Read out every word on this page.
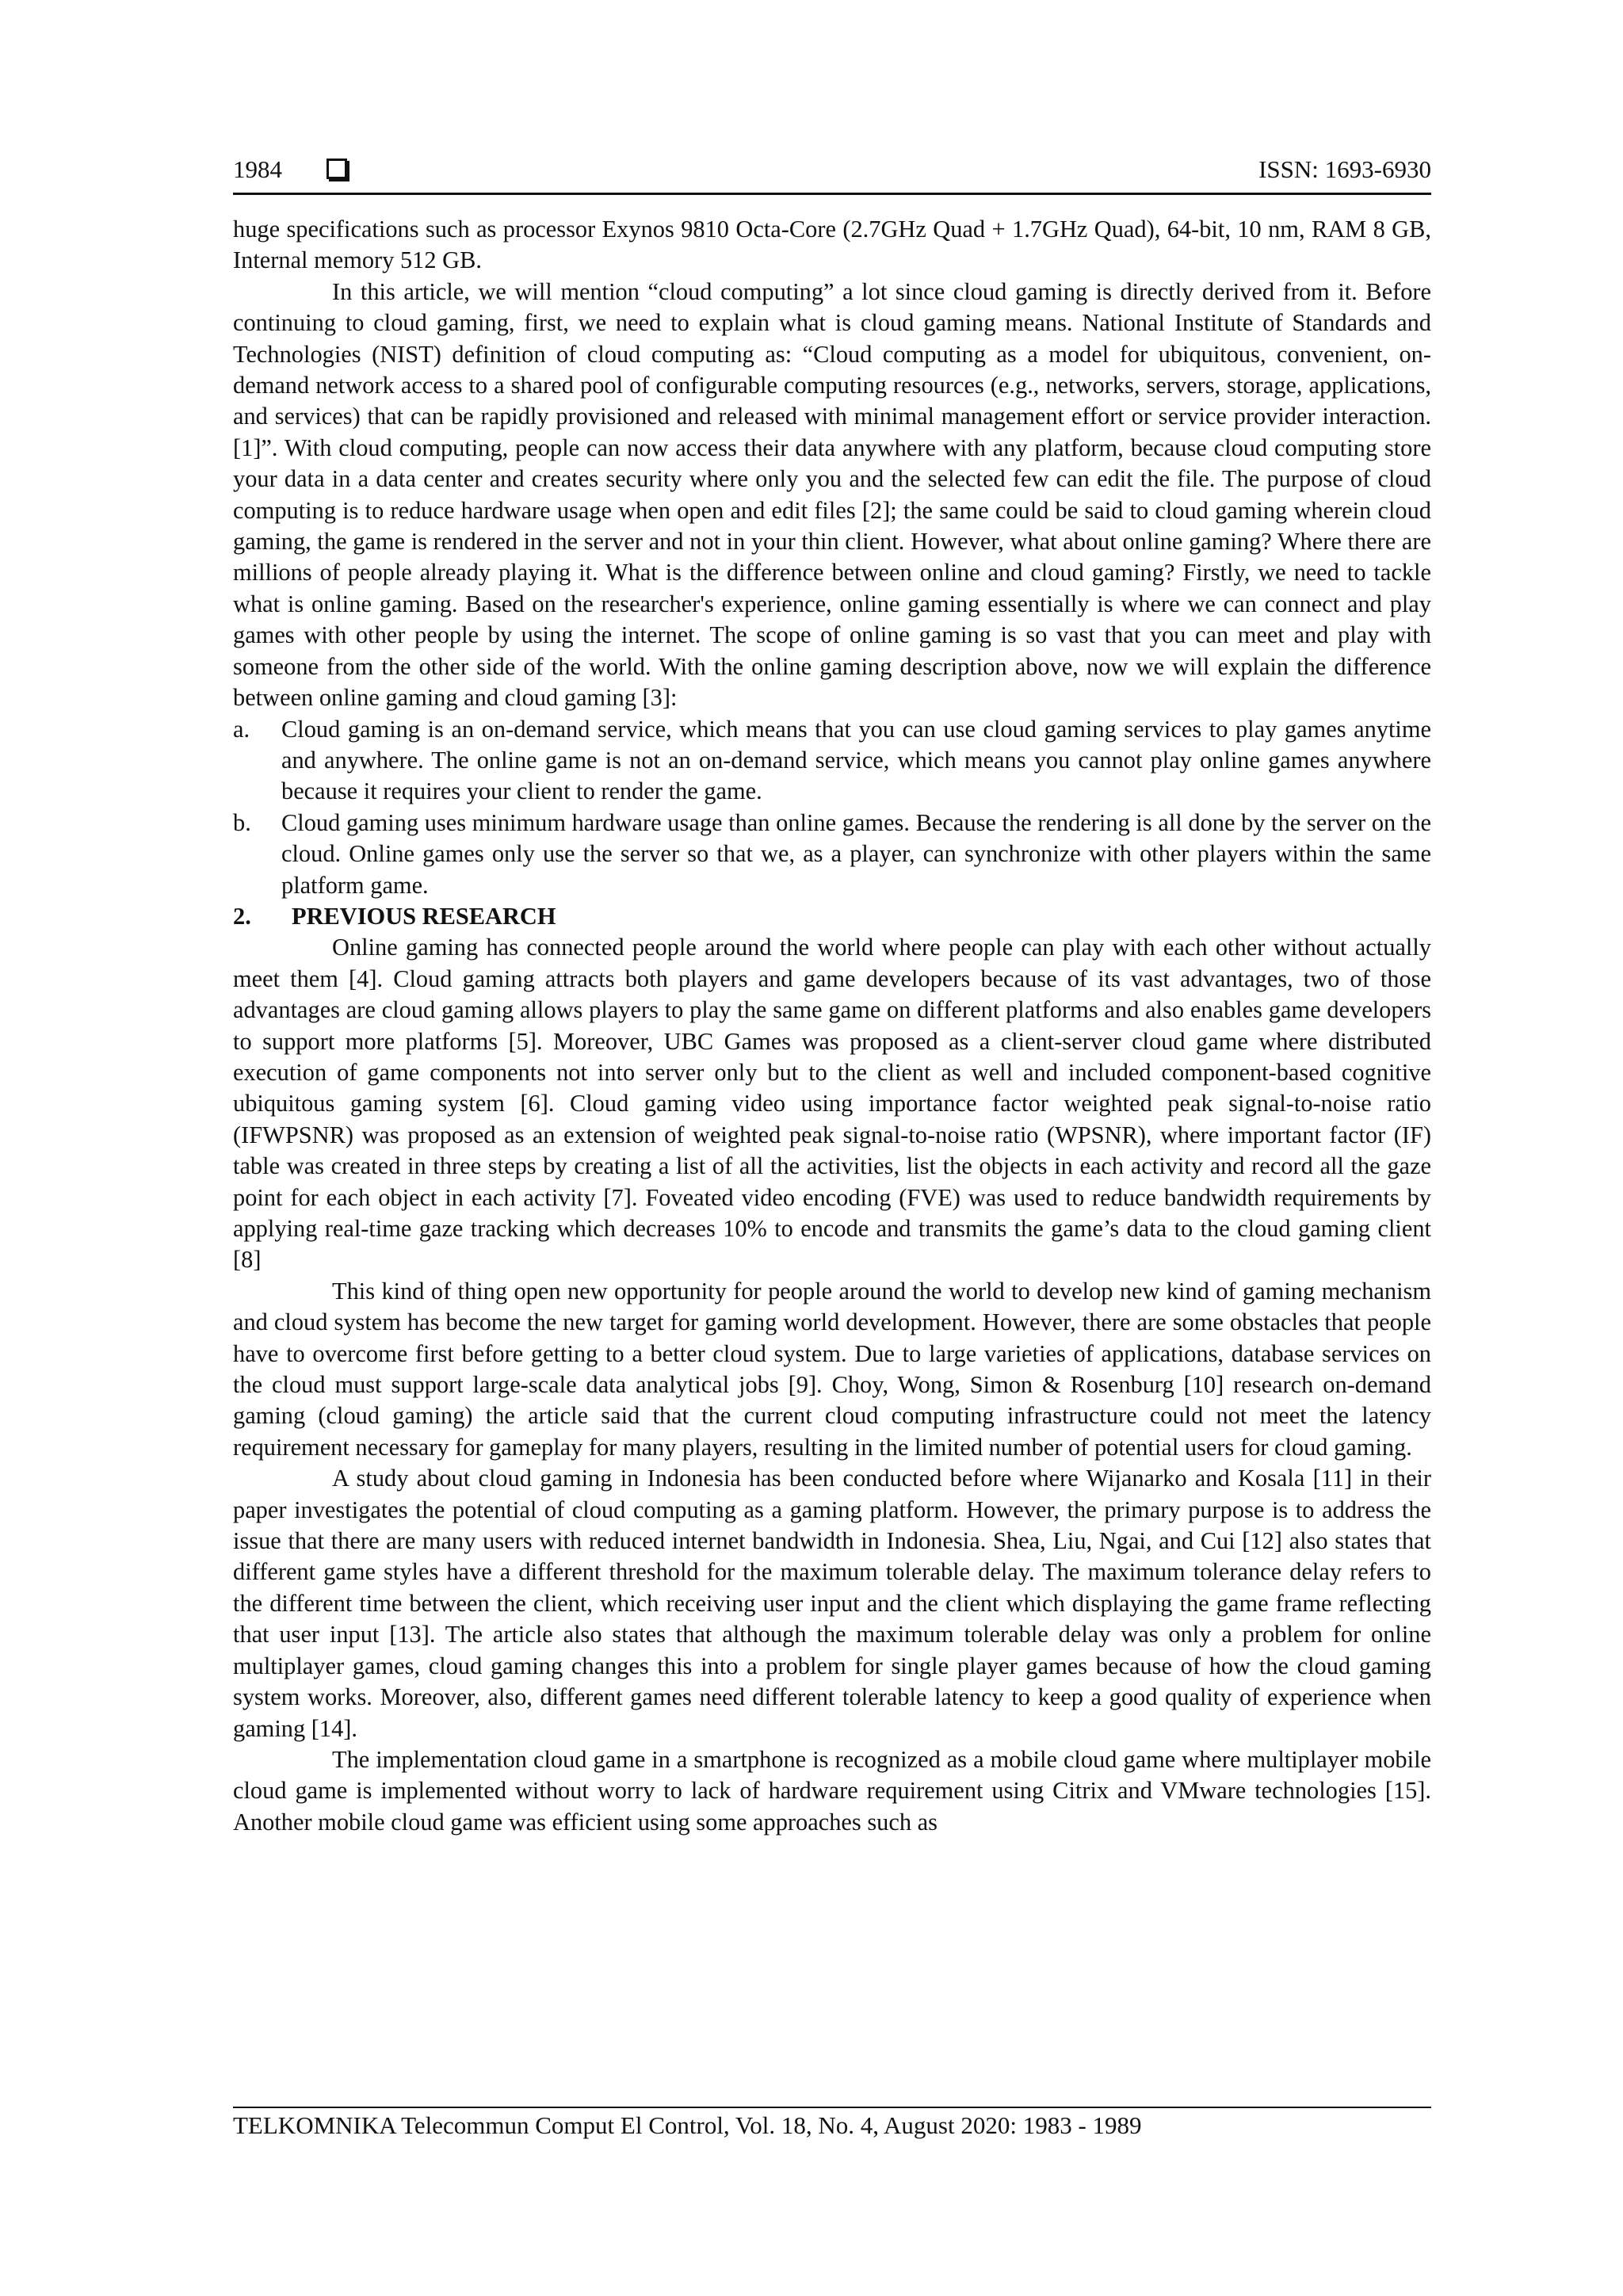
1984	ISSN: 1693-6930

huge specifications such as processor Exynos 9810 Octa-Core (2.7GHz Quad + 1.7GHz Quad), 64-bit, 10 nm, RAM 8 GB, Internal memory 512 GB.

In this article, we will mention “cloud computing” a lot since cloud gaming is directly derived from it. Before continuing to cloud gaming, first, we need to explain what is cloud gaming means. National Institute of Standards and Technologies (NIST) definition of cloud computing as: “Cloud computing as a model for ubiquitous, convenient, on-demand network access to a shared pool of configurable computing resources (e.g., networks, servers, storage, applications, and services) that can be rapidly provisioned and released with minimal management effort or service provider interaction.[1]”. With cloud computing, people can now access their data anywhere with any platform, because cloud computing store your data in a data center and creates security where only you and the selected few can edit the file. The purpose of cloud computing is to reduce hardware usage when open and edit files [2]; the same could be said to cloud gaming wherein cloud gaming, the game is rendered in the server and not in your thin client. However, what about online gaming? Where there are millions of people already playing it. What is the difference between online and cloud gaming? Firstly, we need to tackle what is online gaming. Based on the researcher's experience, online gaming essentially is where we can connect and play games with other people by using the internet. The scope of online gaming is so vast that you can meet and play with someone from the other side of the world. With the online gaming description above, now we will explain the difference between online gaming and cloud gaming [3]:

a. Cloud gaming is an on-demand service, which means that you can use cloud gaming services to play games anytime and anywhere. The online game is not an on-demand service, which means you cannot play online games anywhere because it requires your client to render the game.
b. Cloud gaming uses minimum hardware usage than online games. Because the rendering is all done by the server on the cloud. Online games only use the server so that we, as a player, can synchronize with other players within the same platform game.

2. PREVIOUS RESEARCH

Online gaming has connected people around the world where people can play with each other without actually meet them [4]. Cloud gaming attracts both players and game developers because of its vast advantages, two of those advantages are cloud gaming allows players to play the same game on different platforms and also enables game developers to support more platforms [5]. Moreover, UBC Games was proposed as a client-server cloud game where distributed execution of game components not into server only but to the client as well and included component-based cognitive ubiquitous gaming system [6]. Cloud gaming video using importance factor weighted peak signal-to-noise ratio (IFWPSNR) was proposed as an extension of weighted peak signal-to-noise ratio (WPSNR), where important factor (IF) table was created in three steps by creating a list of all the activities, list the objects in each activity and record all the gaze point for each object in each activity [7]. Foveated video encoding (FVE) was used to reduce bandwidth requirements by applying real-time gaze tracking which decreases 10% to encode and transmits the game’s data to the cloud gaming client [8]

This kind of thing open new opportunity for people around the world to develop new kind of gaming mechanism and cloud system has become the new target for gaming world development. However, there are some obstacles that people have to overcome first before getting to a better cloud system. Due to large varieties of applications, database services on the cloud must support large-scale data analytical jobs [9]. Choy, Wong, Simon & Rosenburg [10] research on-demand gaming (cloud gaming) the article said that the current cloud computing infrastructure could not meet the latency requirement necessary for gameplay for many players, resulting in the limited number of potential users for cloud gaming.

A study about cloud gaming in Indonesia has been conducted before where Wijanarko and Kosala [11] in their paper investigates the potential of cloud computing as a gaming platform. However, the primary purpose is to address the issue that there are many users with reduced internet bandwidth in Indonesia. Shea, Liu, Ngai, and Cui [12] also states that different game styles have a different threshold for the maximum tolerable delay. The maximum tolerance delay refers to the different time between the client, which receiving user input and the client which displaying the game frame reflecting that user input [13]. The article also states that although the maximum tolerable delay was only a problem for online multiplayer games, cloud gaming changes this into a problem for single player games because of how the cloud gaming system works. Moreover, also, different games need different tolerable latency to keep a good quality of experience when gaming [14].

The implementation cloud game in a smartphone is recognized as a mobile cloud game where multiplayer mobile cloud game is implemented without worry to lack of hardware requirement using Citrix and VMware technologies [15]. Another mobile cloud game was efficient using some approaches such as

TELKOMNIKA Telecommun Comput El Control, Vol. 18, No. 4, August 2020: 1983 - 1989
